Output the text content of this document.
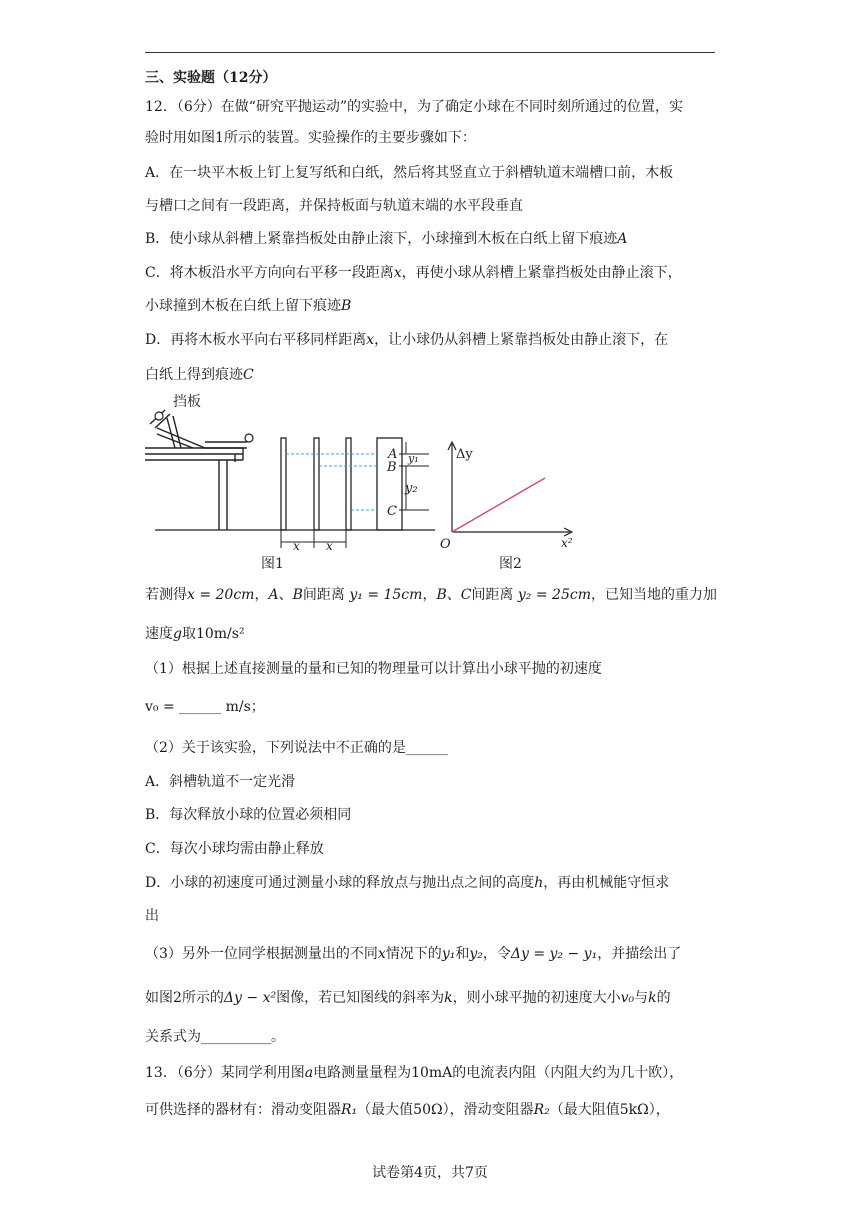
三、实验题（12分）
12．（6分）在做“研究平抛运动”的实验中，为了确定小球在不同时刻所通过的位置，实
验时用如图1所示的装置。实验操作的主要步骤如下：
A．在一块平木板上钉上复写纸和白纸，然后将其竖直立于斜槽轨道末端槽口前，木板
与槽口之间有一段距离，并保持板面与轨道末端的水平段垂直
B．使小球从斜槽上紧靠挡板处由静止滚下，小球撞到木板在白纸上留下痕迹A
C．将木板沿水平方向向右平移一段距离x，再使小球从斜槽上紧靠挡板处由静止滚下，
小球撞到木板在白纸上留下痕迹B
D．再将木板水平向右平移同样距离x，让小球仍从斜槽上紧靠挡板处由静止滚下，在
白纸上得到痕迹C
挡板
A
B
C
y₁
y₂
x x
图1
Δy
x²
O
图2
若测得x = 20cm，A、B间距离 y₁ = 15cm，B、C间距离 y₂ = 25cm，已知当地的重力加
速度g取10m/s²
（1）根据上述直接测量的量和已知的物理量可以计算出小球平抛的初速度
v₀ = ______ m/s；
（2）关于该实验，下列说法中不正确的是______
A．斜槽轨道不一定光滑
B．每次释放小球的位置必须相同
C．每次小球均需由静止释放
D．小球的初速度可通过测量小球的释放点与抛出点之间的高度h，再由机械能守恒求
出
（3）另外一位同学根据测量出的不同x情况下的y₁和y₂，令Δy = y₂ − y₁，并描绘出了
如图2所示的Δy − x²图像，若已知图线的斜率为k，则小球平抛的初速度大小v₀与k的
关系式为__________。
13．（6分）某同学利用图a电路测量量程为10mA的电流表内阻（内阻大约为几十欧），
可供选择的器材有：滑动变阻器R₁（最大值50Ω），滑动变阻器R₂（最大阻值5kΩ），
试卷第4页，共7页
